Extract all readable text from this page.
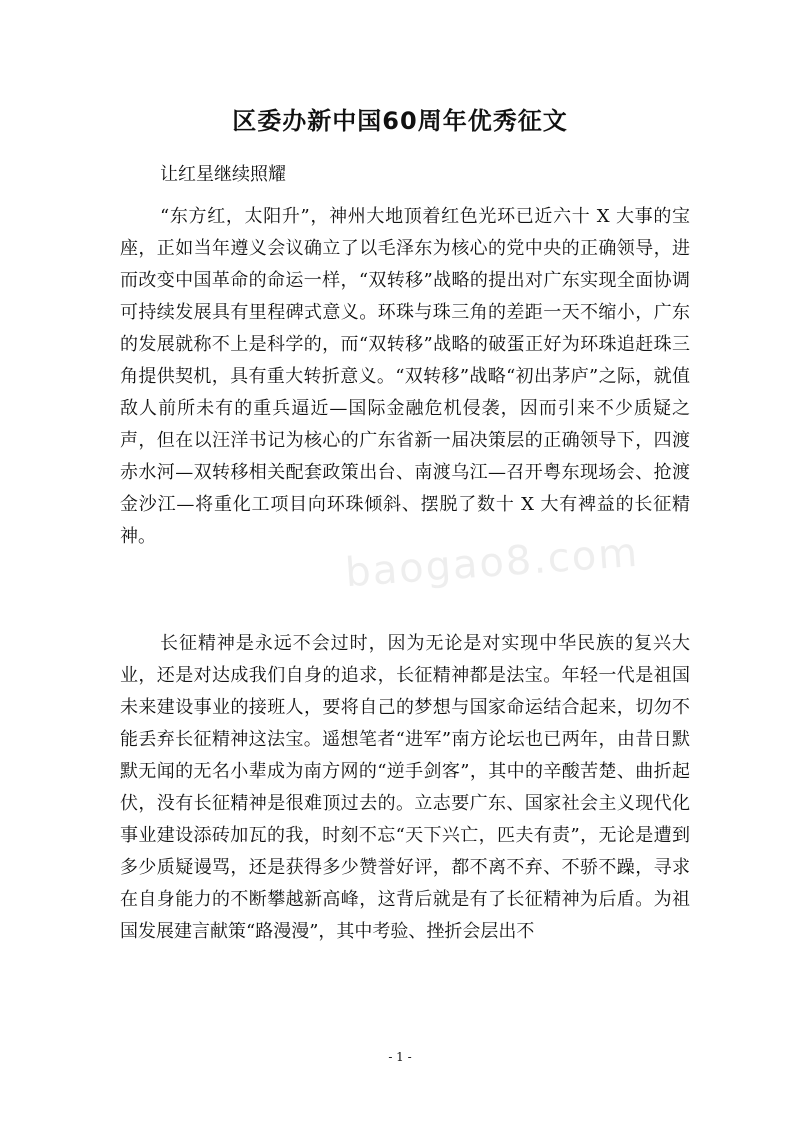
区委办新中国60周年优秀征文

让红星继续照耀

“东方红，太阳升”，神州大地顶着红色光环已近六十 X 大事的宝座，正如当年遵义会议确立了以毛泽东为核心的党中央的正确领导，进而改变中国革命的命运一样，“双转移”战略的提出对广东实现全面协调可持续发展具有里程碑式意义。环珠与珠三角的差距一天不缩小，广东的发展就称不上是科学的，而“双转移”战略的破蛋正好为环珠追赶珠三角提供契机，具有重大转折意义。“双转移”战略“初出茅庐”之际，就值敌人前所未有的重兵逼近—国际金融危机侵袭，因而引来不少质疑之声，但在以汪洋书记为核心的广东省新一届决策层的正确领导下，四渡赤水河—双转移相关配套政策出台、南渡乌江—召开粤东现场会、抢渡金沙江—将重化工项目向环珠倾斜、摆脱了数十 X 大有裨益的长征精神。

长征精神是永远不会过时，因为无论是对实现中华民族的复兴大业，还是对达成我们自身的追求，长征精神都是法宝。年轻一代是祖国未来建设事业的接班人，要将自己的梦想与国家命运结合起来，切勿不能丢弃长征精神这法宝。遥想笔者“进军”南方论坛也已两年，由昔日默默无闻的无名小辈成为南方网的“逆手剑客”，其中的辛酸苦楚、曲折起伏，没有长征精神是很难顶过去的。立志要广东、国家社会主义现代化事业建设添砖加瓦的我，时刻不忘“天下兴亡，匹夫有责”，无论是遭到多少质疑谩骂，还是获得多少赞誉好评，都不离不弃、不骄不躁，寻求在自身能力的不断攀越新高峰，这背后就是有了长征精神为后盾。为祖国发展建言献策“路漫漫”，其中考验、挫折会层出不

baogao8.com

- 1 -
